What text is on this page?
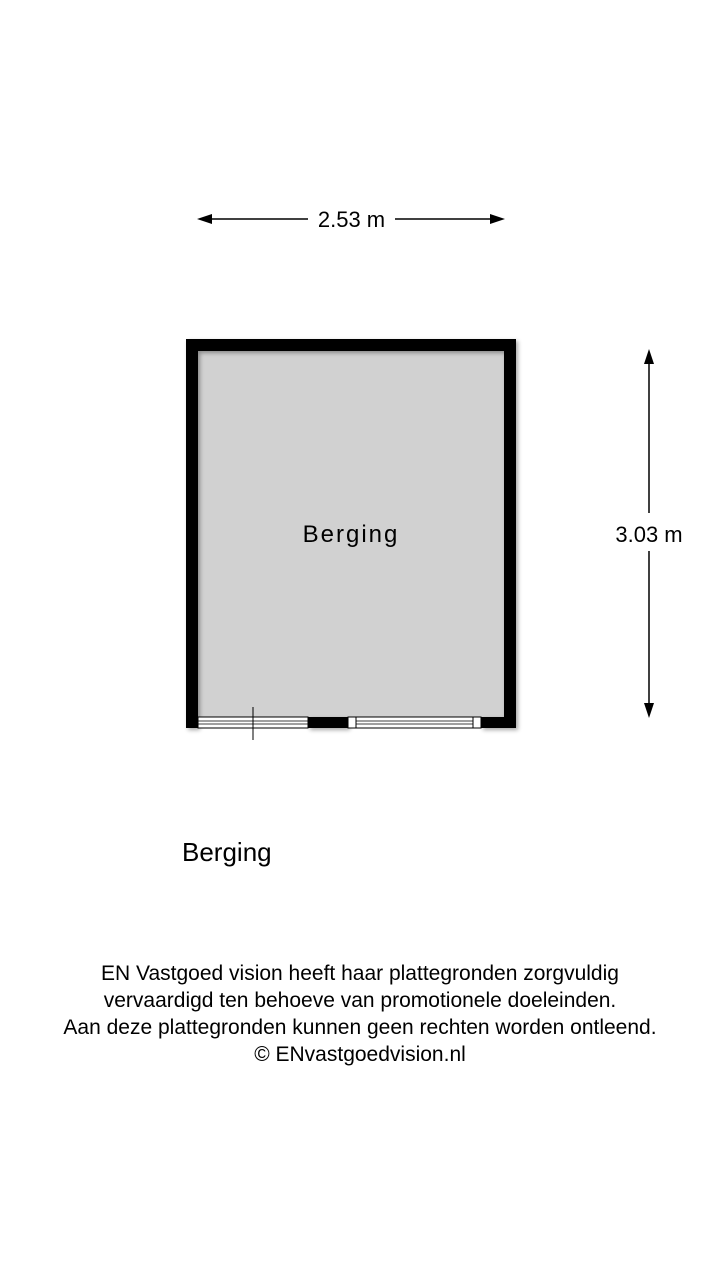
2.53 m
3.03 m
Berging
Berging
EN Vastgoed vision heeft haar plattegronden zorgvuldig
vervaardigd ten behoeve van promotionele doeleinden.
Aan deze plattegronden kunnen geen rechten worden ontleend.
© ENvastgoedvision.nl
